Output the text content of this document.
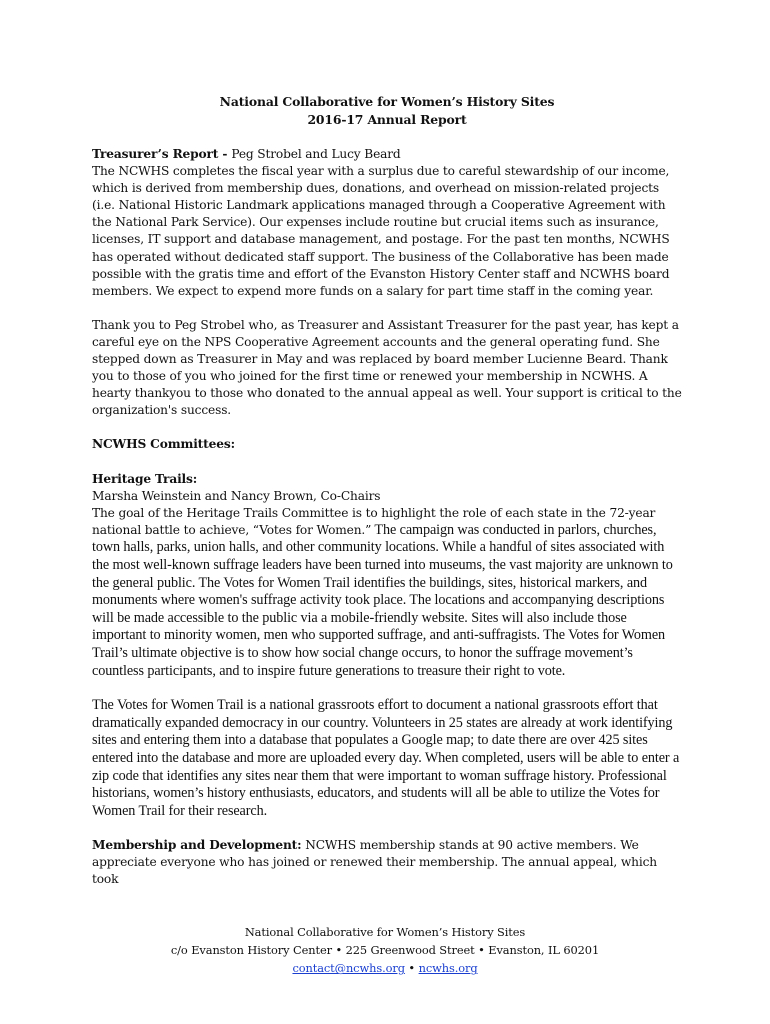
National Collaborative for Women’s History Sites
2016-17 Annual Report

Treasurer’s Report - Peg Strobel and Lucy Beard

The NCWHS completes the fiscal year with a surplus due to careful stewardship of our income, which is derived from membership dues, donations, and overhead on mission-related projects (i.e. National Historic Landmark applications managed through a Cooperative Agreement with the National Park Service). Our expenses include routine but crucial items such as insurance, licenses, IT support and database management, and postage. For the past ten months, NCWHS has operated without dedicated staff support. The business of the Collaborative has been made possible with the gratis time and effort of the Evanston History Center staff and NCWHS board members. We expect to expend more funds on a salary for part time staff in the coming year.

Thank you to Peg Strobel who, as Treasurer and Assistant Treasurer for the past year, has kept a careful eye on the NPS Cooperative Agreement accounts and the general operating fund. She stepped down as Treasurer in May and was replaced by board member Lucienne Beard. Thank you to those of you who joined for the first time or renewed your membership in NCWHS. A hearty thankyou to those who donated to the annual appeal as well. Your support is critical to the organization's success.

NCWHS Committees:

Heritage Trails:

Marsha Weinstein and Nancy Brown, Co-Chairs

The goal of the Heritage Trails Committee is to highlight the role of each state in the 72-year national battle to achieve, “Votes for Women.” The campaign was conducted in parlors, churches, town halls, parks, union halls, and other community locations. While a handful of sites associated with the most well-known suffrage leaders have been turned into museums, the vast majority are unknown to the general public. The Votes for Women Trail identifies the buildings, sites, historical markers, and monuments where women's suffrage activity took place. The locations and accompanying descriptions will be made accessible to the public via a mobile-friendly website. Sites will also include those important to minority women, men who supported suffrage, and anti-suffragists. The Votes for Women Trail’s ultimate objective is to show how social change occurs, to honor the suffrage movement’s countless participants, and to inspire future generations to treasure their right to vote.

The Votes for Women Trail is a national grassroots effort to document a national grassroots effort that dramatically expanded democracy in our country. Volunteers in 25 states are already at work identifying sites and entering them into a database that populates a Google map; to date there are over 425 sites entered into the database and more are uploaded every day. When completed, users will be able to enter a zip code that identifies any sites near them that were important to woman suffrage history. Professional historians, women’s history enthusiasts, educators, and students will all be able to utilize the Votes for Women Trail for their research.

Membership and Development: NCWHS membership stands at 90 active members. We appreciate everyone who has joined or renewed their membership. The annual appeal, which took

National Collaborative for Women’s History Sites
c/o Evanston History Center • 225 Greenwood Street • Evanston, IL 60201
contact@ncwhs.org • ncwhs.org
